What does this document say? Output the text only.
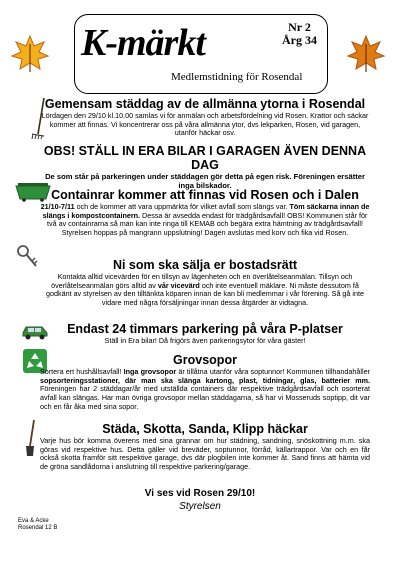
K-märkt	Nr 2
Årg 34
Medlemstidning för Rosendal

Gemensam städdag av de allmänna ytorna i Rosendal

Lördagen den 29/10 kl.10.00 samlas vi för anmälan och arbetsfördelning vid Rosen. Krattor och säckar kommer att finnas. Vi koncentrerar oss på våra allmänna ytor, dvs lekparken, Rosen, vid garagen, utanför häckar osv.

OBS! STÄLL IN ERA BILAR I GARAGEN ÄVEN DENNA DAG

De som står på parkeringen under städdagen gör detta på egen risk. Föreningen ersätter inga bilskador.

Containrar kommer att finnas vid Rosen och i Dalen

21/10-7/11 och de kommer att vara uppmärkta för vilket avfall som slängs var. Töm säckarna innan de slängs i kompostcontainern. Dessa är avsedda endast för trädgårdsavfall! OBS! Kommunen står för två av containrarna så man kan inte ringa till KEMAB och begära extra hämtning av trädgårdsavfall! Styrelsen hoppas på mangrann uppslutning! Dagen avslutas med korv och fika vid Rosen.

Ni som ska sälja er bostadsrätt

Kontakta alltid vicevärden för en tillsyn av lägenheten och en överlåtelseanmälan. Tillsyn och överlåtelseanmälan görs alltid av vår vicevärd och inte eventuell mäklare. Ni måste dessutom få godkänt av styrelsen av den tilltänkta köparen innan de kan bli medlemmar i vår förening. Så gå inte vidare med några försäljningar innan dessa åtgärder är vidtagna.

Endast 24 timmars parkering på våra P-platser

Ställ in Era bilar! Då frigörs även parkeringsytor för våra gäster!

Grovsopor

Sortera ert hushållsavfall! Inga grovsopor är tillåtna utanför våra soptunnor! Kommunen tillhandahåller sopsorteringsstationer, där man ska slänga kartong, plast, tidningar, glas, batterier mm. Föreningen har 2 städdagar/år med utställda containers där respektive trädgårdsavfall och osorterat avfall kan slängas. Har man övriga grovsopor mellan städdagarna, så har vi Mosseruds soptipp, dit var och en får åka med sina sopor.

Städa, Skotta, Sanda, Klipp häckar

Varje hus bör komma överens med sina grannar om hur städning, sandning, snöskottning m.m. ska göras vid respektive hus. Detta gäller vid breväder, soptunnor, förråd, källartrappor. Var och en får också skotta framför sitt respektive garage, dvs där plogbilen inte kommer åt. Sand finns att hämta vid de gröna sandlådorna i anslutning till respektive parkering/garage.

Vi ses vid Rosen 29/10!
Styrelsen
Eva & Acke
Rosendal 12 B
